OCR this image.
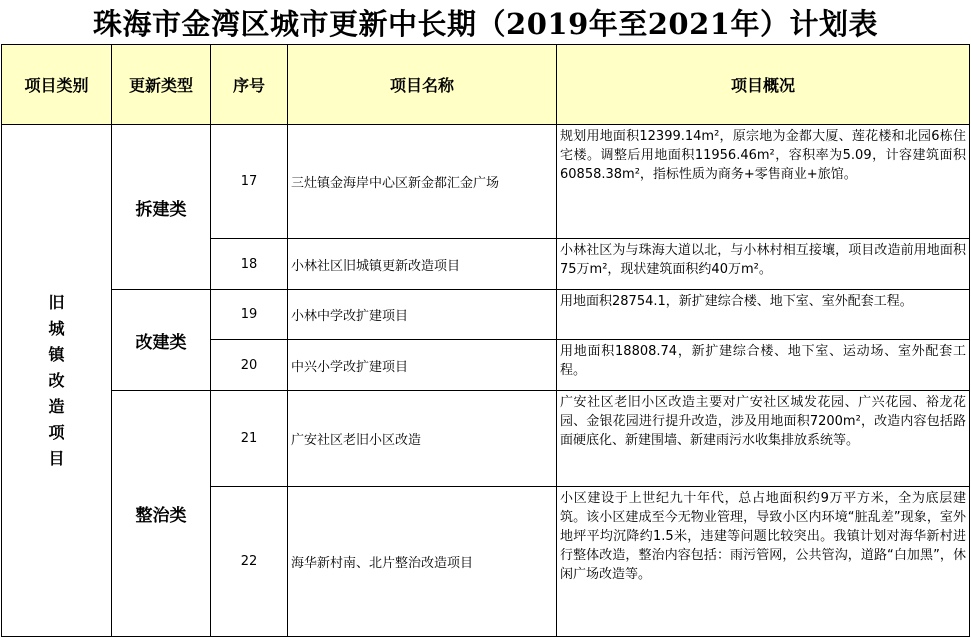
珠海市金湾区城市更新中长期（2019年至2021年）计划表
项目类别	更新类型	序号	项目名称	项目概况
旧城镇改造项目	拆建类	17	三灶镇金海岸中心区新金都汇金广场	规划用地面积12399.14m²，原宗地为金都大厦、莲花楼和北园6栋住宅楼。调整后用地面积11956.46m²，容积率为5.09，计容建筑面积60858.38m²，指标性质为商务+零售商业+旅馆。
		18	小林社区旧城镇更新改造项目	小林社区为与珠海大道以北，与小林村相互接壤，项目改造前用地面积75万m²，现状建筑面积约40万m²。
	改建类	19	小林中学改扩建项目	用地面积28754.1，新扩建综合楼、地下室、室外配套工程。
		20	中兴小学改扩建项目	用地面积18808.74，新扩建综合楼、地下室、运动场、室外配套工程。
	整治类	21	广安社区老旧小区改造	广安社区老旧小区改造主要对广安社区城发花园、广兴花园、裕龙花园、金银花园进行提升改造，涉及用地面积7200m²，改造内容包括路面硬底化、新建围墙、新建雨污水收集排放系统等。
		22	海华新村南、北片整治改造项目	小区建设于上世纪九十年代，总占地面积约9万平方米，全为底层建筑。该小区建成至今无物业管理，导致小区内环境“脏乱差”现象，室外地坪平均沉降约1.5米，违建等问题比较突出。我镇计划对海华新村进行整体改造，整治内容包括：雨污管网，公共管沟，道路“白加黑”，休闲广场改造等。
